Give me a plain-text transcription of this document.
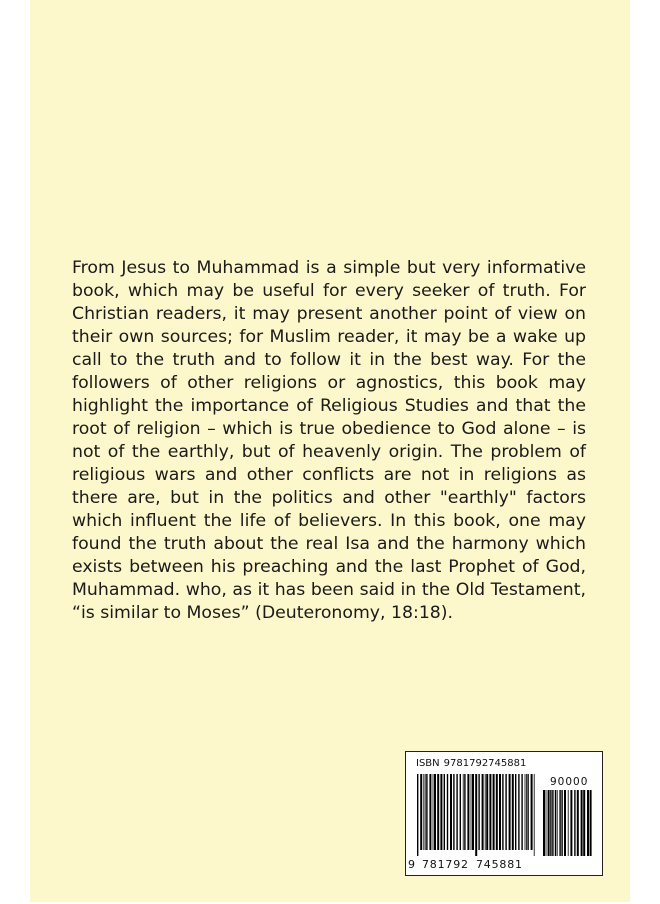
From Jesus to Muhammad is a simple but very informative book, which may be useful for every seeker of truth. For Christian readers, it may present another point of view on their own sources; for Muslim reader, it may be a wake up call to the truth and to follow it in the best way. For the followers of other religions or agnostics, this book may highlight the importance of Religious Studies and that the root of religion – which is true obedience to God alone – is not of the earthly, but of heavenly origin. The problem of religious wars and other conflicts are not in religions as there are, but in the politics and other "earthly" factors which influent the life of believers. In this book, one may found the truth about the real Isa and the harmony which exists between his preaching and the last Prophet of God, Muhammad. who, as it has been said in the Old Testament, “is similar to Moses” (Deuteronomy, 18:18).

ISBN 9781792745881
90000
9 781792 745881
